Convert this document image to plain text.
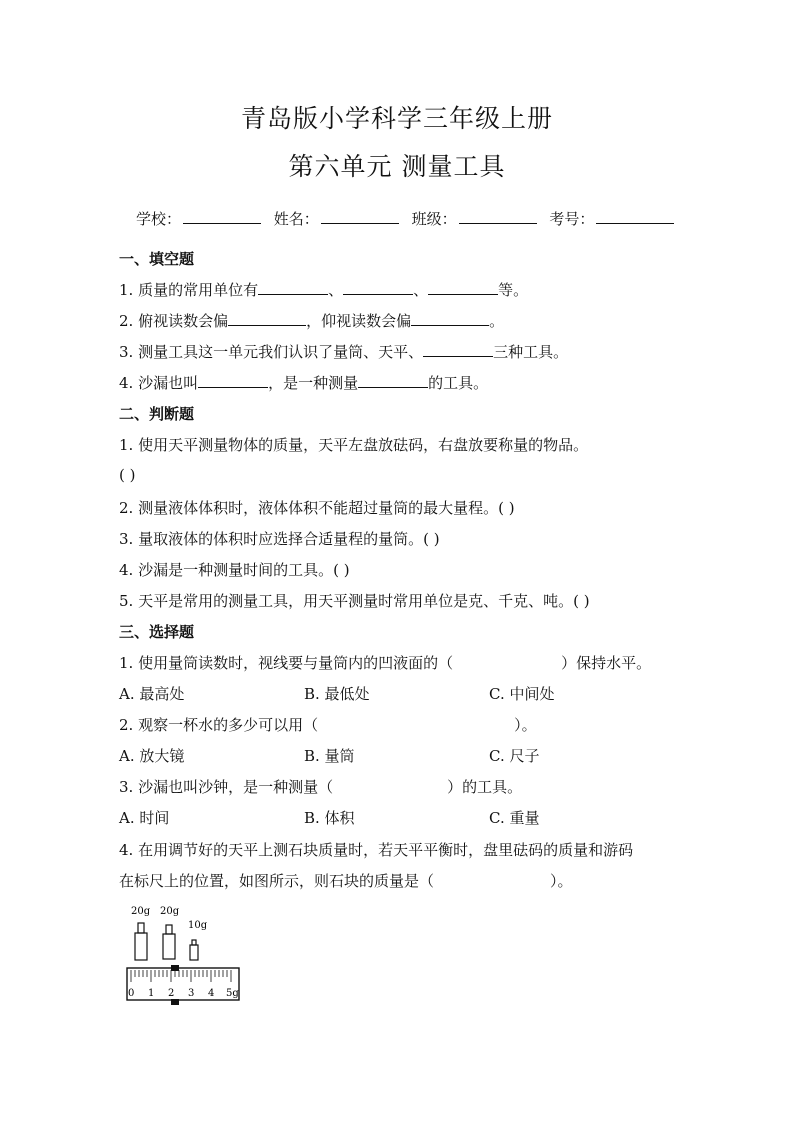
青岛版小学科学三年级上册
第六单元 测量工具
学校：	姓名：	班级：	考号：
一、填空题
1. 质量的常用单位有	、	、	等。
2. 俯视读数会偏	，仰视读数会偏	。
3. 测量工具这一单元我们认识了量筒、天平、	三种工具。
4. 沙漏也叫	，是一种测量	的工具。
二、判断题
1. 使用天平测量物体的质量，天平左盘放砝码，右盘放要称量的物品。
( )
2. 测量液体体积时，液体体积不能超过量筒的最大量程。( )
3. 量取液体的体积时应选择合适量程的量筒。( )
4. 沙漏是一种测量时间的工具。( )
5. 天平是常用的测量工具，用天平测量时常用单位是克、千克、吨。( )
三、选择题
1. 使用量筒读数时，视线要与量筒内的凹液面的（	）保持水平。
A. 最高处	B. 最低处	C. 中间处
2. 观察一杯水的多少可以用（	）。
A. 放大镜	B. 量筒	C. 尺子
3. 沙漏也叫沙钟，是一种测量（	）的工具。
A. 时间	B. 体积	C. 重量
4. 在用调节好的天平上测石块质量时，若天平平衡时，盘里砝码的质量和游码
在标尺上的位置，如图所示，则石块的质量是（	）。
20g 20g
10g
0 1 2 3 4 5g
